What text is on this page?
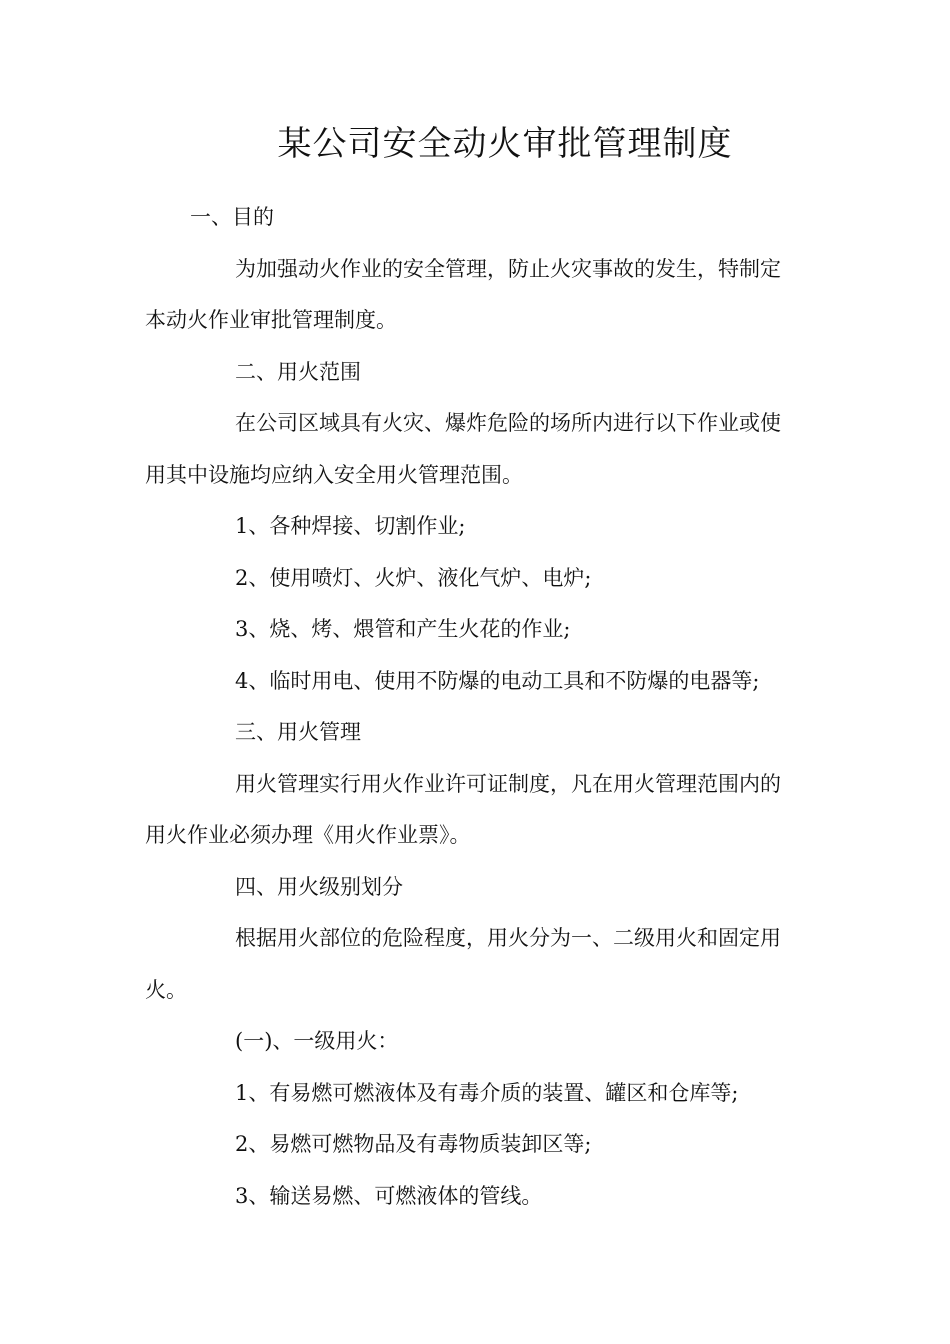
某公司安全动火审批管理制度

一、目的

为加强动火作业的安全管理，防止火灾事故的发生，特制定本动火作业审批管理制度。

二、用火范围

在公司区域具有火灾、爆炸危险的场所内进行以下作业或使用其中设施均应纳入安全用火管理范围。

1、各种焊接、切割作业;

2、使用喷灯、火炉、液化气炉、电炉;

3、烧、烤、煨管和产生火花的作业;

4、临时用电、使用不防爆的电动工具和不防爆的电器等;

三、用火管理

用火管理实行用火作业许可证制度，凡在用火管理范围内的用火作业必须办理《用火作业票》。

四、用火级别划分

根据用火部位的危险程度，用火分为一、二级用火和固定用火。

(一)、一级用火：

1、有易燃可燃液体及有毒介质的装置、罐区和仓库等;

2、易燃可燃物品及有毒物质装卸区等;

3、输送易燃、可燃液体的管线。
